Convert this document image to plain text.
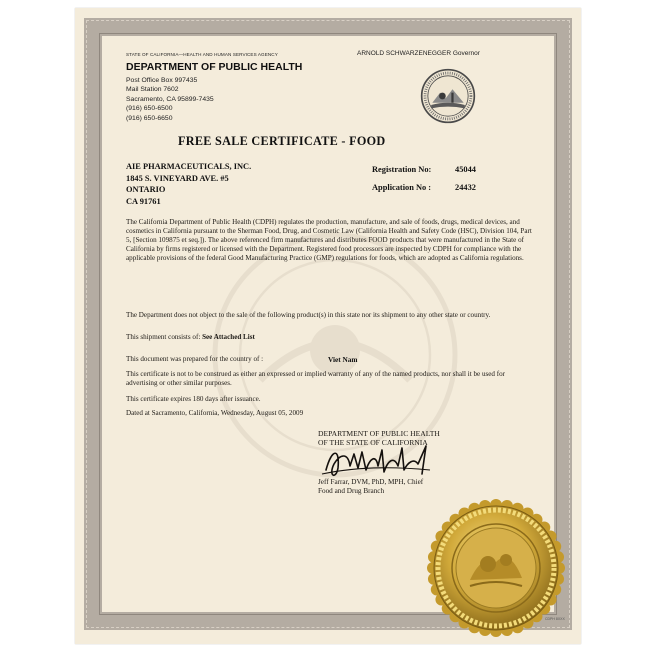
STATE OF CALIFORNIA—HEALTH AND HUMAN SERVICES AGENCY	ARNOLD SCHWARZENEGGER Governor
DEPARTMENT OF PUBLIC HEALTH
Post Office Box 997435
Mail Station 7602
Sacramento, CA 95899-7435
(916) 650-6500
(916) 650-6650
FREE SALE CERTIFICATE - FOOD
AIE PHARMACEUTICALS, INC.
1845 S. VINEYARD AVE. #5
ONTARIO
CA 91761
Registration No:	45044
Application No :	24432
The California Department of Public Health (CDPH) regulates the production, manufacture, and sale of foods, drugs, medical devices, and cosmetics in California pursuant to the Sherman Food, Drug, and Cosmetic Law (California Health and Safety Code (HSC), Division 104, Part 5, [Section 109875 et seq.]). The above referenced firm manufactures and distributes FOOD products that were manufactured in the State of California by firms registered or licensed with the Department. Registered food processors are inspected by CDPH for compliance with the applicable provisions of the federal Good Manufacturing Practice (GMP) regulations for foods, which are adopted as California regulations.
The Department does not object to the sale of the following product(s) in this state nor its shipment to any other state or country.
This shipment consists of: See Attached List
This document was prepared for the country of :	Viet Nam
This certificate is not to be construed as either an expressed or implied warranty of any of the named products, nor shall it be used for advertising or other similar purposes.
This certificate expires 180 days after issuance.
Dated at Sacramento, California, Wednesday, August 05, 2009
DEPARTMENT OF PUBLIC HEALTH
OF THE STATE OF CALIFORNIA
Jeff Farrar, DVM, PhD, MPH, Chief
Food and Drug Branch
CDPH 8XXX
